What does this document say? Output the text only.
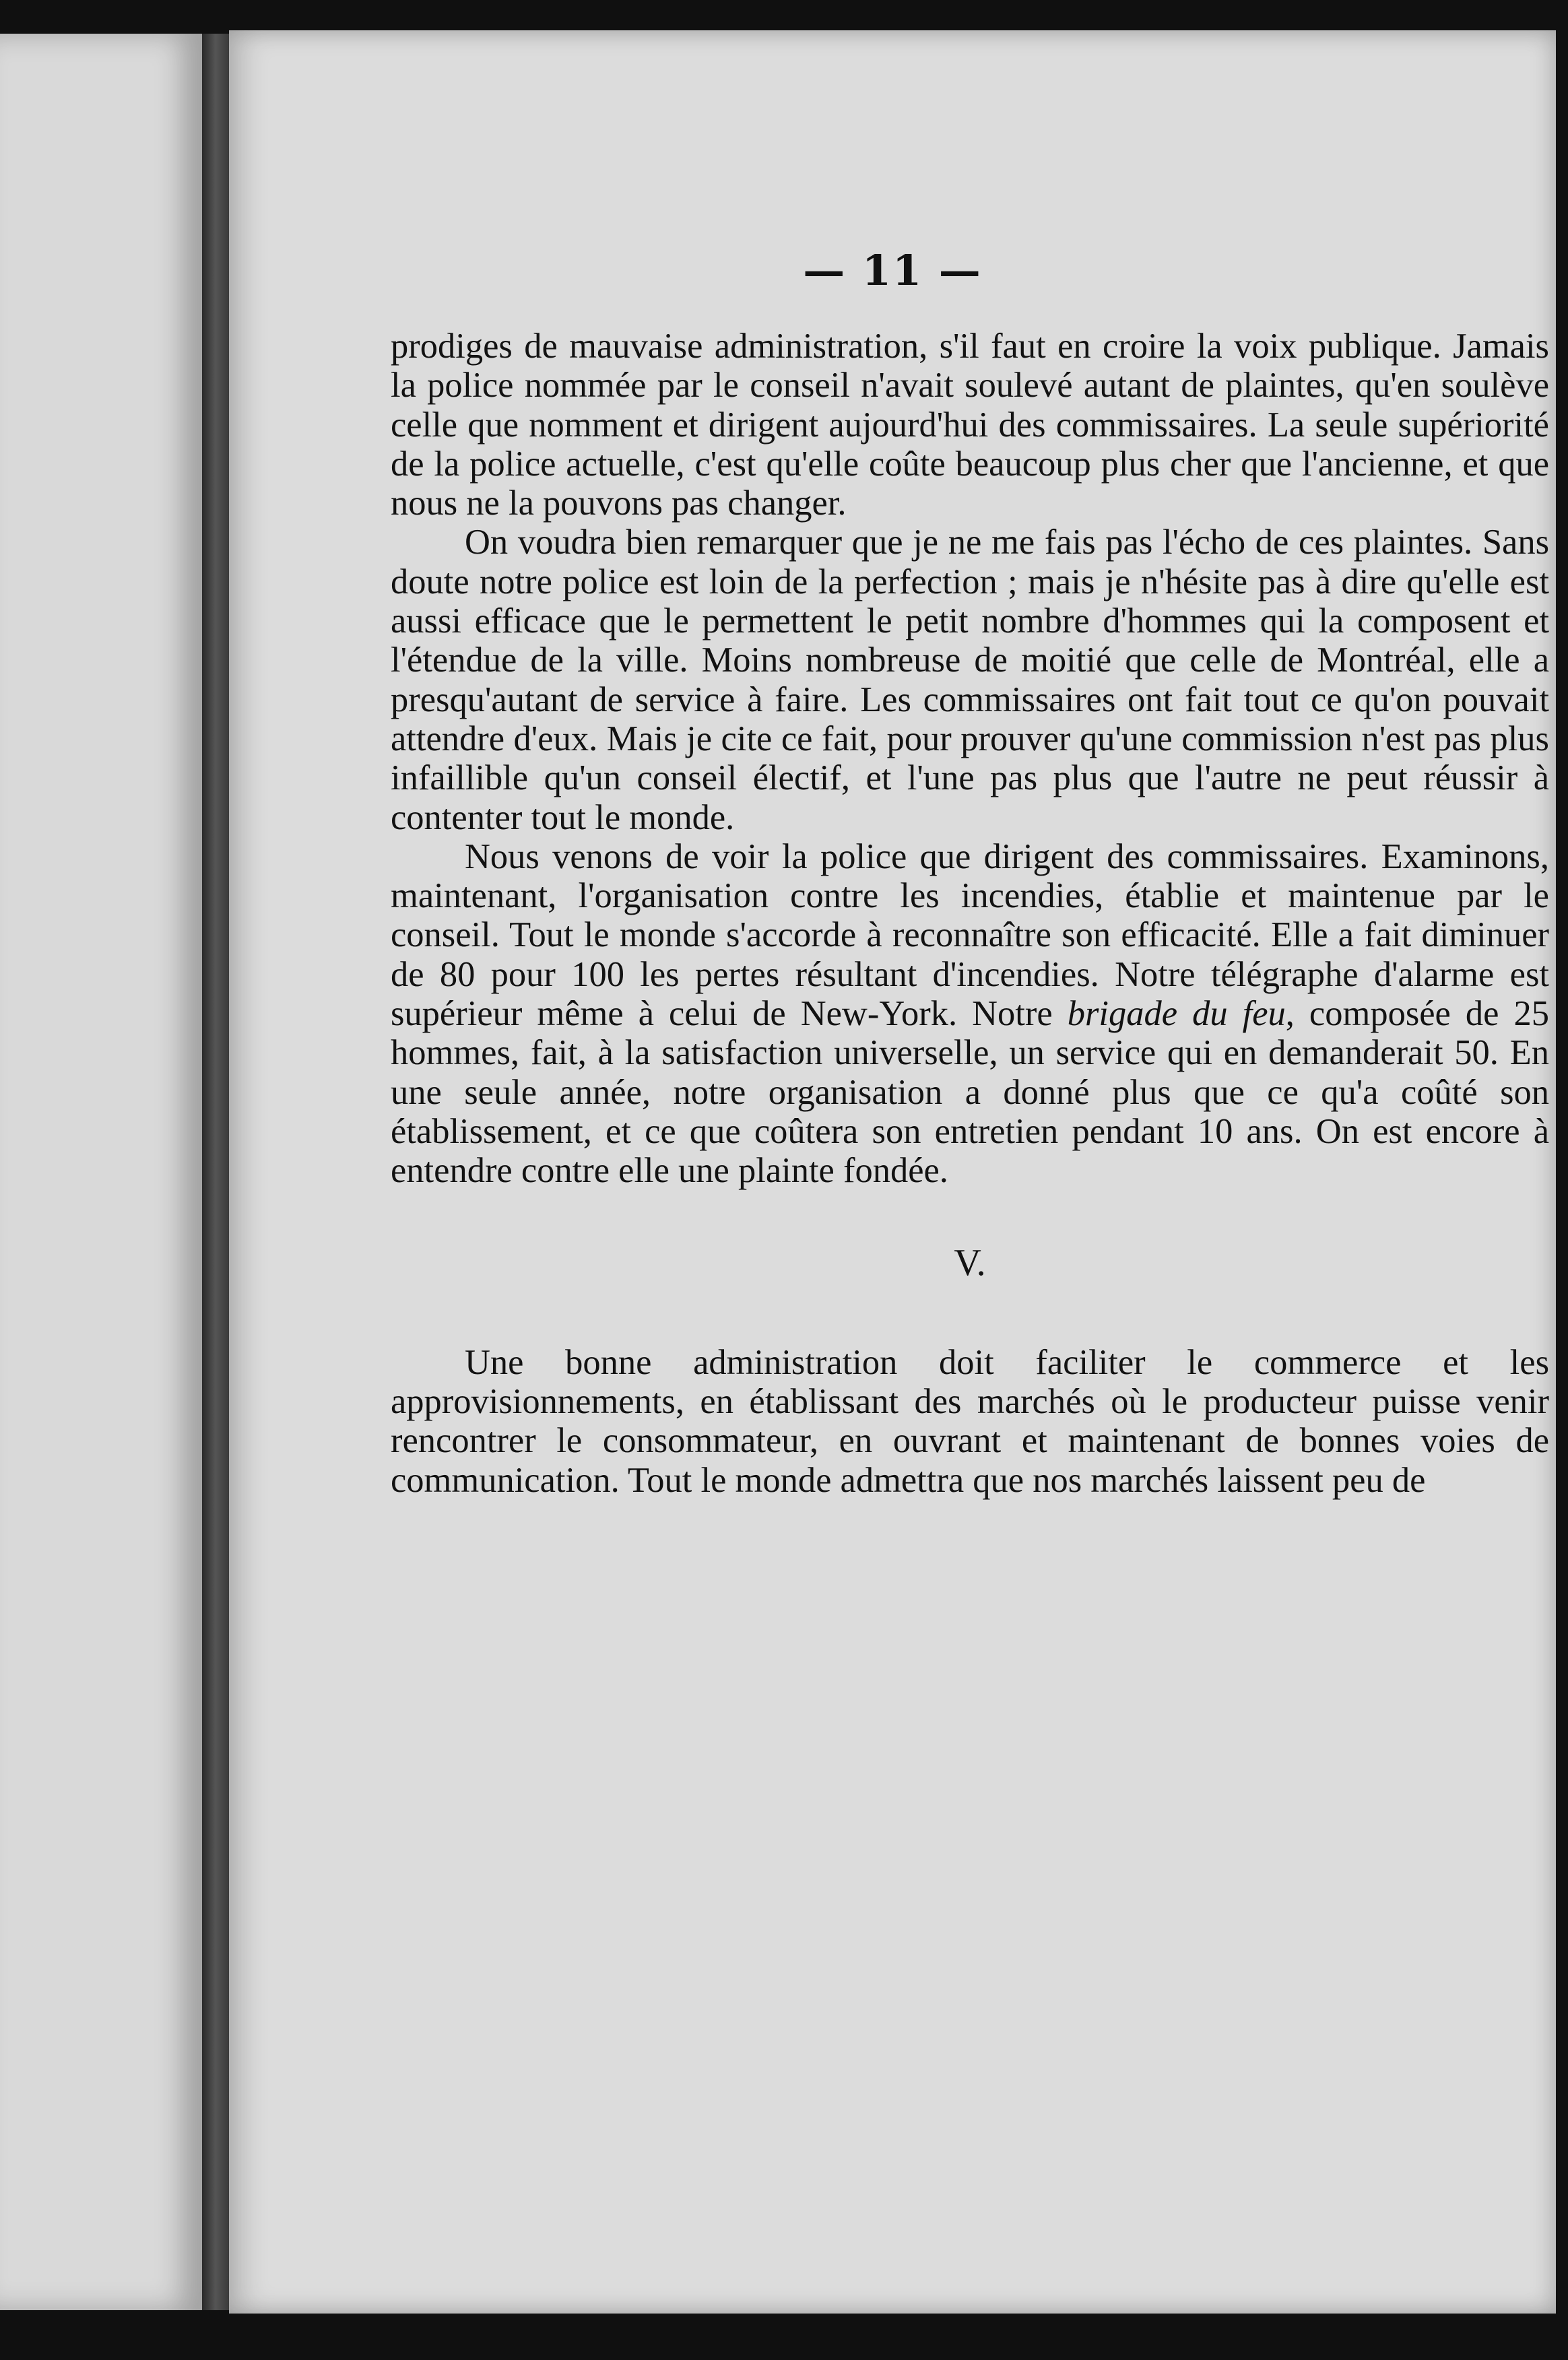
— 11 —

prodiges de mauvaise administration, s'il faut en croire la voix publique. Jamais la police nommée par le conseil n'avait soulevé autant de plaintes, qu'en soulève celle que nomment et dirigent aujourd'hui des commissaires. La seule supériorité de la police actuelle, c'est qu'elle coûte beaucoup plus cher que l'ancienne, et que nous ne la pouvons pas changer.

On voudra bien remarquer que je ne me fais pas l'écho de ces plaintes. Sans doute notre police est loin de la perfection ; mais je n'hésite pas à dire qu'elle est aussi efficace que le permettent le petit nombre d'hommes qui la composent et l'étendue de la ville. Moins nombreuse de moitié que celle de Montréal, elle a presqu'autant de service à faire. Les commissaires ont fait tout ce qu'on pouvait attendre d'eux. Mais je cite ce fait, pour prouver qu'une commission n'est pas plus infaillible qu'un conseil électif, et l'une pas plus que l'autre ne peut réussir à contenter tout le monde.

Nous venons de voir la police que dirigent des commissaires. Examinons, maintenant, l'organisation contre les incendies, établie et maintenue par le conseil. Tout le monde s'accorde à reconnaître son efficacité. Elle a fait diminuer de 80 pour 100 les pertes résultant d'incendies. Notre télégraphe d'alarme est supérieur même à celui de New-York. Notre brigade du feu, composée de 25 hommes, fait, à la satisfaction universelle, un service qui en demanderait 50. En une seule année, notre organisation a donné plus que ce qu'a coûté son établissement, et ce que coûtera son entretien pendant 10 ans. On est encore à entendre contre elle une plainte fondée.

V.

Une bonne administration doit faciliter le commerce et les approvisionnements, en établissant des marchés où le producteur puisse venir rencontrer le consommateur, en ouvrant et maintenant de bonnes voies de communication. Tout le monde admettra que nos marchés laissent peu de
